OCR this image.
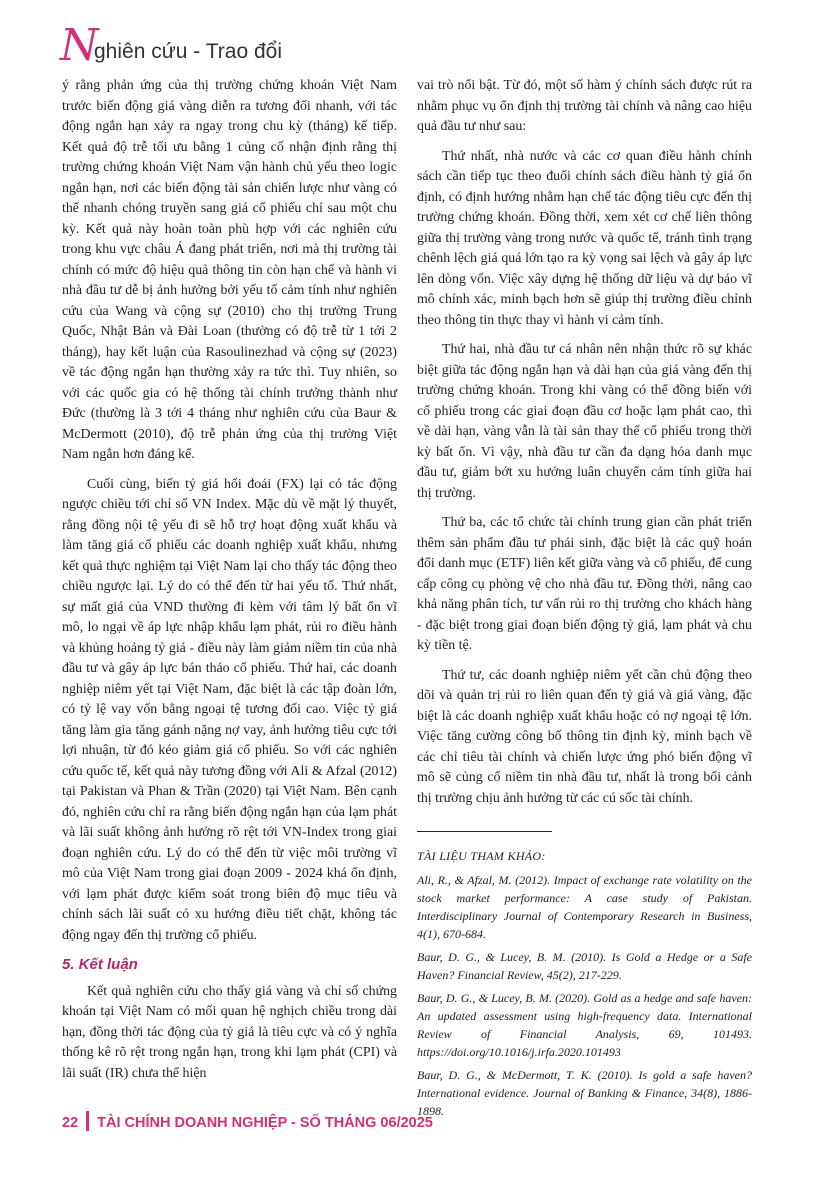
N
ghiên cứu - Trao đổi

ý rằng phản ứng của thị trường chứng khoán Việt Nam trước biến động giá vàng diễn ra tương đối nhanh, với tác động ngắn hạn xảy ra ngay trong chu kỳ (tháng) kế tiếp. Kết quả độ trễ tối ưu bằng 1 củng cố nhận định rằng thị trường chứng khoán Việt Nam vận hành chủ yếu theo logic ngắn hạn, nơi các biến động tài sản chiến lược như vàng có thể nhanh chóng truyền sang giá cổ phiếu chỉ sau một chu kỳ. Kết quả này hoàn toàn phù hợp với các nghiên cứu trong khu vực châu Á đang phát triển, nơi mà thị trường tài chính có mức độ hiệu quả thông tin còn hạn chế và hành vi nhà đầu tư dễ bị ảnh hưởng bởi yếu tố cảm tính như nghiên cứu của Wang và cộng sự (2010) cho thị trường Trung Quốc, Nhật Bản và Đài Loan (thường có độ trễ từ 1 tới 2 tháng), hay kết luận của Rasoulinezhad và cộng sự (2023) về tác động ngắn hạn thường xảy ra tức thì. Tuy nhiên, so với các quốc gia có hệ thống tài chính trưởng thành như Đức (thường là 3 tới 4 tháng như nghiên cứu của Baur & McDermott (2010), độ trễ phản ứng của thị trường Việt Nam ngắn hơn đáng kể.

Cuối cùng, biến tỷ giá hối đoái (FX) lại có tác động ngược chiều tới chỉ số VN Index. Mặc dù về mặt lý thuyết, rằng đồng nội tệ yếu đi sẽ hỗ trợ hoạt động xuất khẩu và làm tăng giá cổ phiếu các doanh nghiệp xuất khẩu, nhưng kết quả thực nghiệm tại Việt Nam lại cho thấy tác động theo chiều ngược lại. Lý do có thể đến từ hai yếu tố. Thứ nhất, sự mất giá của VND thường đi kèm với tâm lý bất ổn vĩ mô, lo ngại về áp lực nhập khẩu lạm phát, rủi ro điều hành và khủng hoảng tỷ giá - điều này làm giảm niềm tin của nhà đầu tư và gây áp lực bán tháo cổ phiếu. Thứ hai, các doanh nghiệp niêm yết tại Việt Nam, đặc biệt là các tập đoàn lớn, có tỷ lệ vay vốn bằng ngoại tệ tương đối cao. Việc tỷ giá tăng làm gia tăng gánh nặng nợ vay, ảnh hưởng tiêu cực tới lợi nhuận, từ đó kéo giảm giá cổ phiếu. So với các nghiên cứu quốc tế, kết quả này tương đồng với Ali & Afzal (2012) tại Pakistan và Phan & Trần (2020) tại Việt Nam. Bên cạnh đó, nghiên cứu chỉ ra rằng biến động ngắn hạn của lạm phát và lãi suất không ảnh hưởng rõ rệt tới VN-Index trong giai đoạn nghiên cứu. Lý do có thể đến từ việc môi trường vĩ mô của Việt Nam trong giai đoạn 2009 - 2024 khá ổn định, với lạm phát được kiểm soát trong biên độ mục tiêu và chính sách lãi suất có xu hướng điều tiết chặt, không tác động ngay đến thị trường cổ phiếu.

5. Kết luận

Kết quả nghiên cứu cho thấy giá vàng và chỉ số chứng khoán tại Việt Nam có mối quan hệ nghịch chiều trong dài hạn, đồng thời tác động của tỷ giá là tiêu cực và có ý nghĩa thống kê rõ rệt trong ngắn hạn, trong khi lạm phát (CPI) và lãi suất (IR) chưa thể hiện

vai trò nổi bật. Từ đó, một số hàm ý chính sách được rút ra nhằm phục vụ ổn định thị trường tài chính và nâng cao hiệu quả đầu tư như sau:

Thứ nhất, nhà nước và các cơ quan điều hành chính sách cần tiếp tục theo đuổi chính sách điều hành tỷ giá ổn định, có định hướng nhằm hạn chế tác động tiêu cực đến thị trường chứng khoán. Đồng thời, xem xét cơ chế liên thông giữa thị trường vàng trong nước và quốc tế, tránh tình trạng chênh lệch giá quá lớn tạo ra kỳ vọng sai lệch và gây áp lực lên dòng vốn. Việc xây dựng hệ thống dữ liệu và dự báo vĩ mô chính xác, minh bạch hơn sẽ giúp thị trường điều chỉnh theo thông tin thực thay vì hành vi cảm tính.

Thứ hai, nhà đầu tư cá nhân nên nhận thức rõ sự khác biệt giữa tác động ngắn hạn và dài hạn của giá vàng đến thị trường chứng khoán. Trong khi vàng có thể đồng biến với cổ phiếu trong các giai đoạn đầu cơ hoặc lạm phát cao, thì về dài hạn, vàng vẫn là tài sản thay thế cổ phiếu trong thời kỳ bất ổn. Vì vậy, nhà đầu tư cần đa dạng hóa danh mục đầu tư, giảm bớt xu hướng luân chuyển cảm tính giữa hai thị trường.

Thứ ba, các tổ chức tài chính trung gian cần phát triển thêm sản phẩm đầu tư phái sinh, đặc biệt là các quỹ hoán đổi danh mục (ETF) liên kết giữa vàng và cổ phiếu, để cung cấp công cụ phòng vệ cho nhà đầu tư. Đồng thời, nâng cao khả năng phân tích, tư vấn rủi ro thị trường cho khách hàng - đặc biệt trong giai đoạn biến động tỷ giá, lạm phát và chu kỳ tiền tệ.

Thứ tư, các doanh nghiệp niêm yết cần chủ động theo dõi và quản trị rủi ro liên quan đến tỷ giá và giá vàng, đặc biệt là các doanh nghiệp xuất khẩu hoặc có nợ ngoại tệ lớn. Việc tăng cường công bố thông tin định kỳ, minh bạch về các chỉ tiêu tài chính và chiến lược ứng phó biến động vĩ mô sẽ củng cố niềm tin nhà đầu tư, nhất là trong bối cảnh thị trường chịu ảnh hưởng từ các cú sốc tài chính.

TÀI LIỆU THAM KHẢO:
Ali, R., & Afzal, M. (2012). Impact of exchange rate volatility on the stock market performance: A case study of Pakistan. Interdisciplinary Journal of Contemporary Research in Business, 4(1), 670-684.
Baur, D. G., & Lucey, B. M. (2010). Is Gold a Hedge or a Safe Haven? Financial Review, 45(2), 217-229.
Baur, D. G., & Lucey, B. M. (2020). Gold as a hedge and safe haven: An updated assessment using high-frequency data. International Review of Financial Analysis, 69, 101493. https://doi.org/10.1016/j.irfa.2020.101493
Baur, D. G., & McDermott, T. K. (2010). Is gold a safe haven? International evidence. Journal of Banking & Finance, 34(8), 1886-1898.
22 TÀI CHÍNH DOANH NGHIỆP - SỐ THÁNG 06/2025
